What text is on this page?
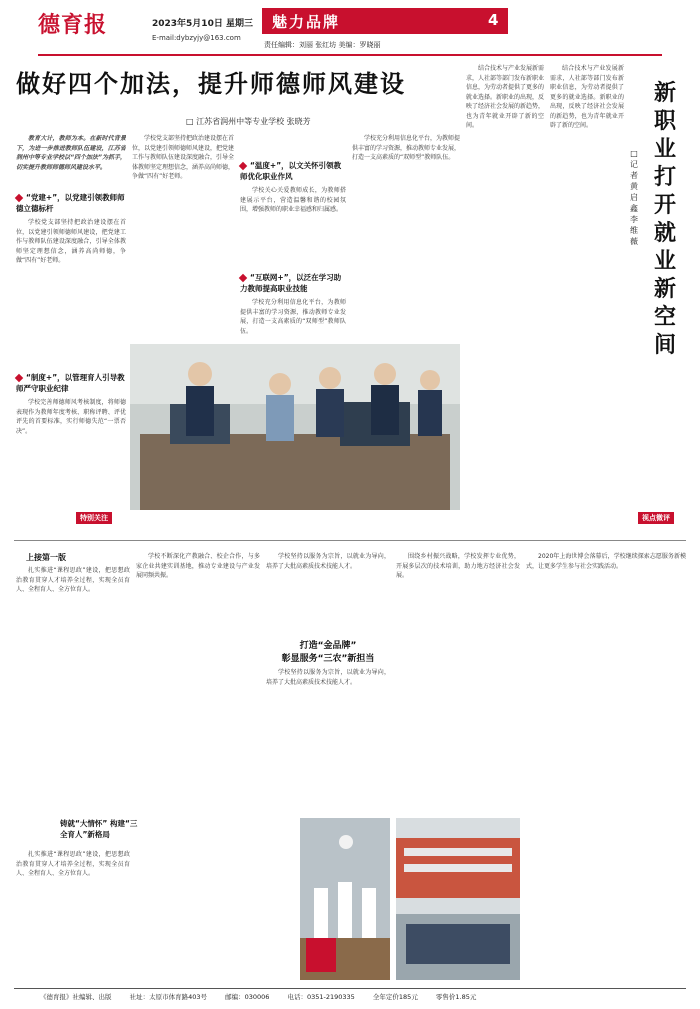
德育报	2023年5月10日 星期三
E-mail:dybzyjy@163.com
魅力品牌	4
责任编辑：刘丽 张红坊 美编：罗晓丽
做好四个加法，提升师德师风建设
□ 江苏省润州中等专业学校 张晓芳

教育大计，教师为本。在新时代背景下，为进一步推进教师队伍建设，江苏省润州中等专业学校以“四个加法”为抓手，切实提升教师师德师风建设水平。

“党建+”，以党建引领教师师德立德标杆

学校党支部坚持把政治建设摆在首位，以党建引领师德师风建设，把党建工作与教师队伍建设深度融合，引导全体教师坚定理想信念，涵养高尚师德，争做“四有”好老师。

“制度+”，以管理育人引导教师严守职业纪律

学校完善师德师风考核制度，将师德表现作为教师年度考核、职称评聘、评优评先的首要标准，实行师德失范“一票否决”。

学校党支部坚持把政治建设摆在首位，以党建引领师德师风建设，把党建工作与教师队伍建设深度融合，引导全体教师坚定理想信念，涵养高尚师德，争做“四有”好老师。

“温度+”，以文关怀引领教师优化职业作风

学校关心关爱教师成长，为教师搭建展示平台，营造温馨和谐的校园氛围，增强教师的职业幸福感和归属感。

“互联网+”，以泛在学习助力教师提高职业技能

学校充分利用信息化平台，为教师提供丰富的学习资源，推动教师专业发展，打造一支高素质的“双师型”教师队伍。

学校充分利用信息化平台，为教师提供丰富的学习资源，推动教师专业发展，打造一支高素质的“双师型”教师队伍。

结合技术与产业发展新需求，人社部等部门发布新职业信息，为劳动者提供了更多的就业选择。新职业的出现，反映了经济社会发展的新趋势，也为青年就业开辟了新的空间。

结合技术与产业发展新需求，人社部等部门发布新职业信息，为劳动者提供了更多的就业选择。新职业的出现，反映了经济社会发展的新趋势，也为青年就业开辟了新的空间。

新职业打开就业新空间
□ 记者 黄启 鑫 李维薇
特别关注	视点微评
上接第一版

扎实推进“课程思政”建设，把思想政治教育贯穿人才培养全过程，实现全员育人、全程育人、全方位育人。

铸就“大情怀” 构建“三全育人”新格局

扎实推进“课程思政”建设，把思想政治教育贯穿人才培养全过程，实现全员育人、全程育人、全方位育人。

学校不断深化产教融合、校企合作，与多家企业共建实训基地，推动专业建设与产业发展同频共振。

学校坚持以服务为宗旨，以就业为导向，培养了大批高素质技术技能人才。

打造“金品牌”
彰显服务“三农”新担当

学校坚持以服务为宗旨，以就业为导向，培养了大批高素质技术技能人才。

围绕乡村振兴战略，学校发挥专业优势，开展多层次的技术培训，助力地方经济社会发展。

2020年上海世博会落幕后，学校继续探索志愿服务新模式，让更多学生参与社会实践活动。

《德育报》社编辑、出版	社址：太原市体育路403号	邮编：030006	电话：0351-2190335	全年定价185元	零售价1.85元
